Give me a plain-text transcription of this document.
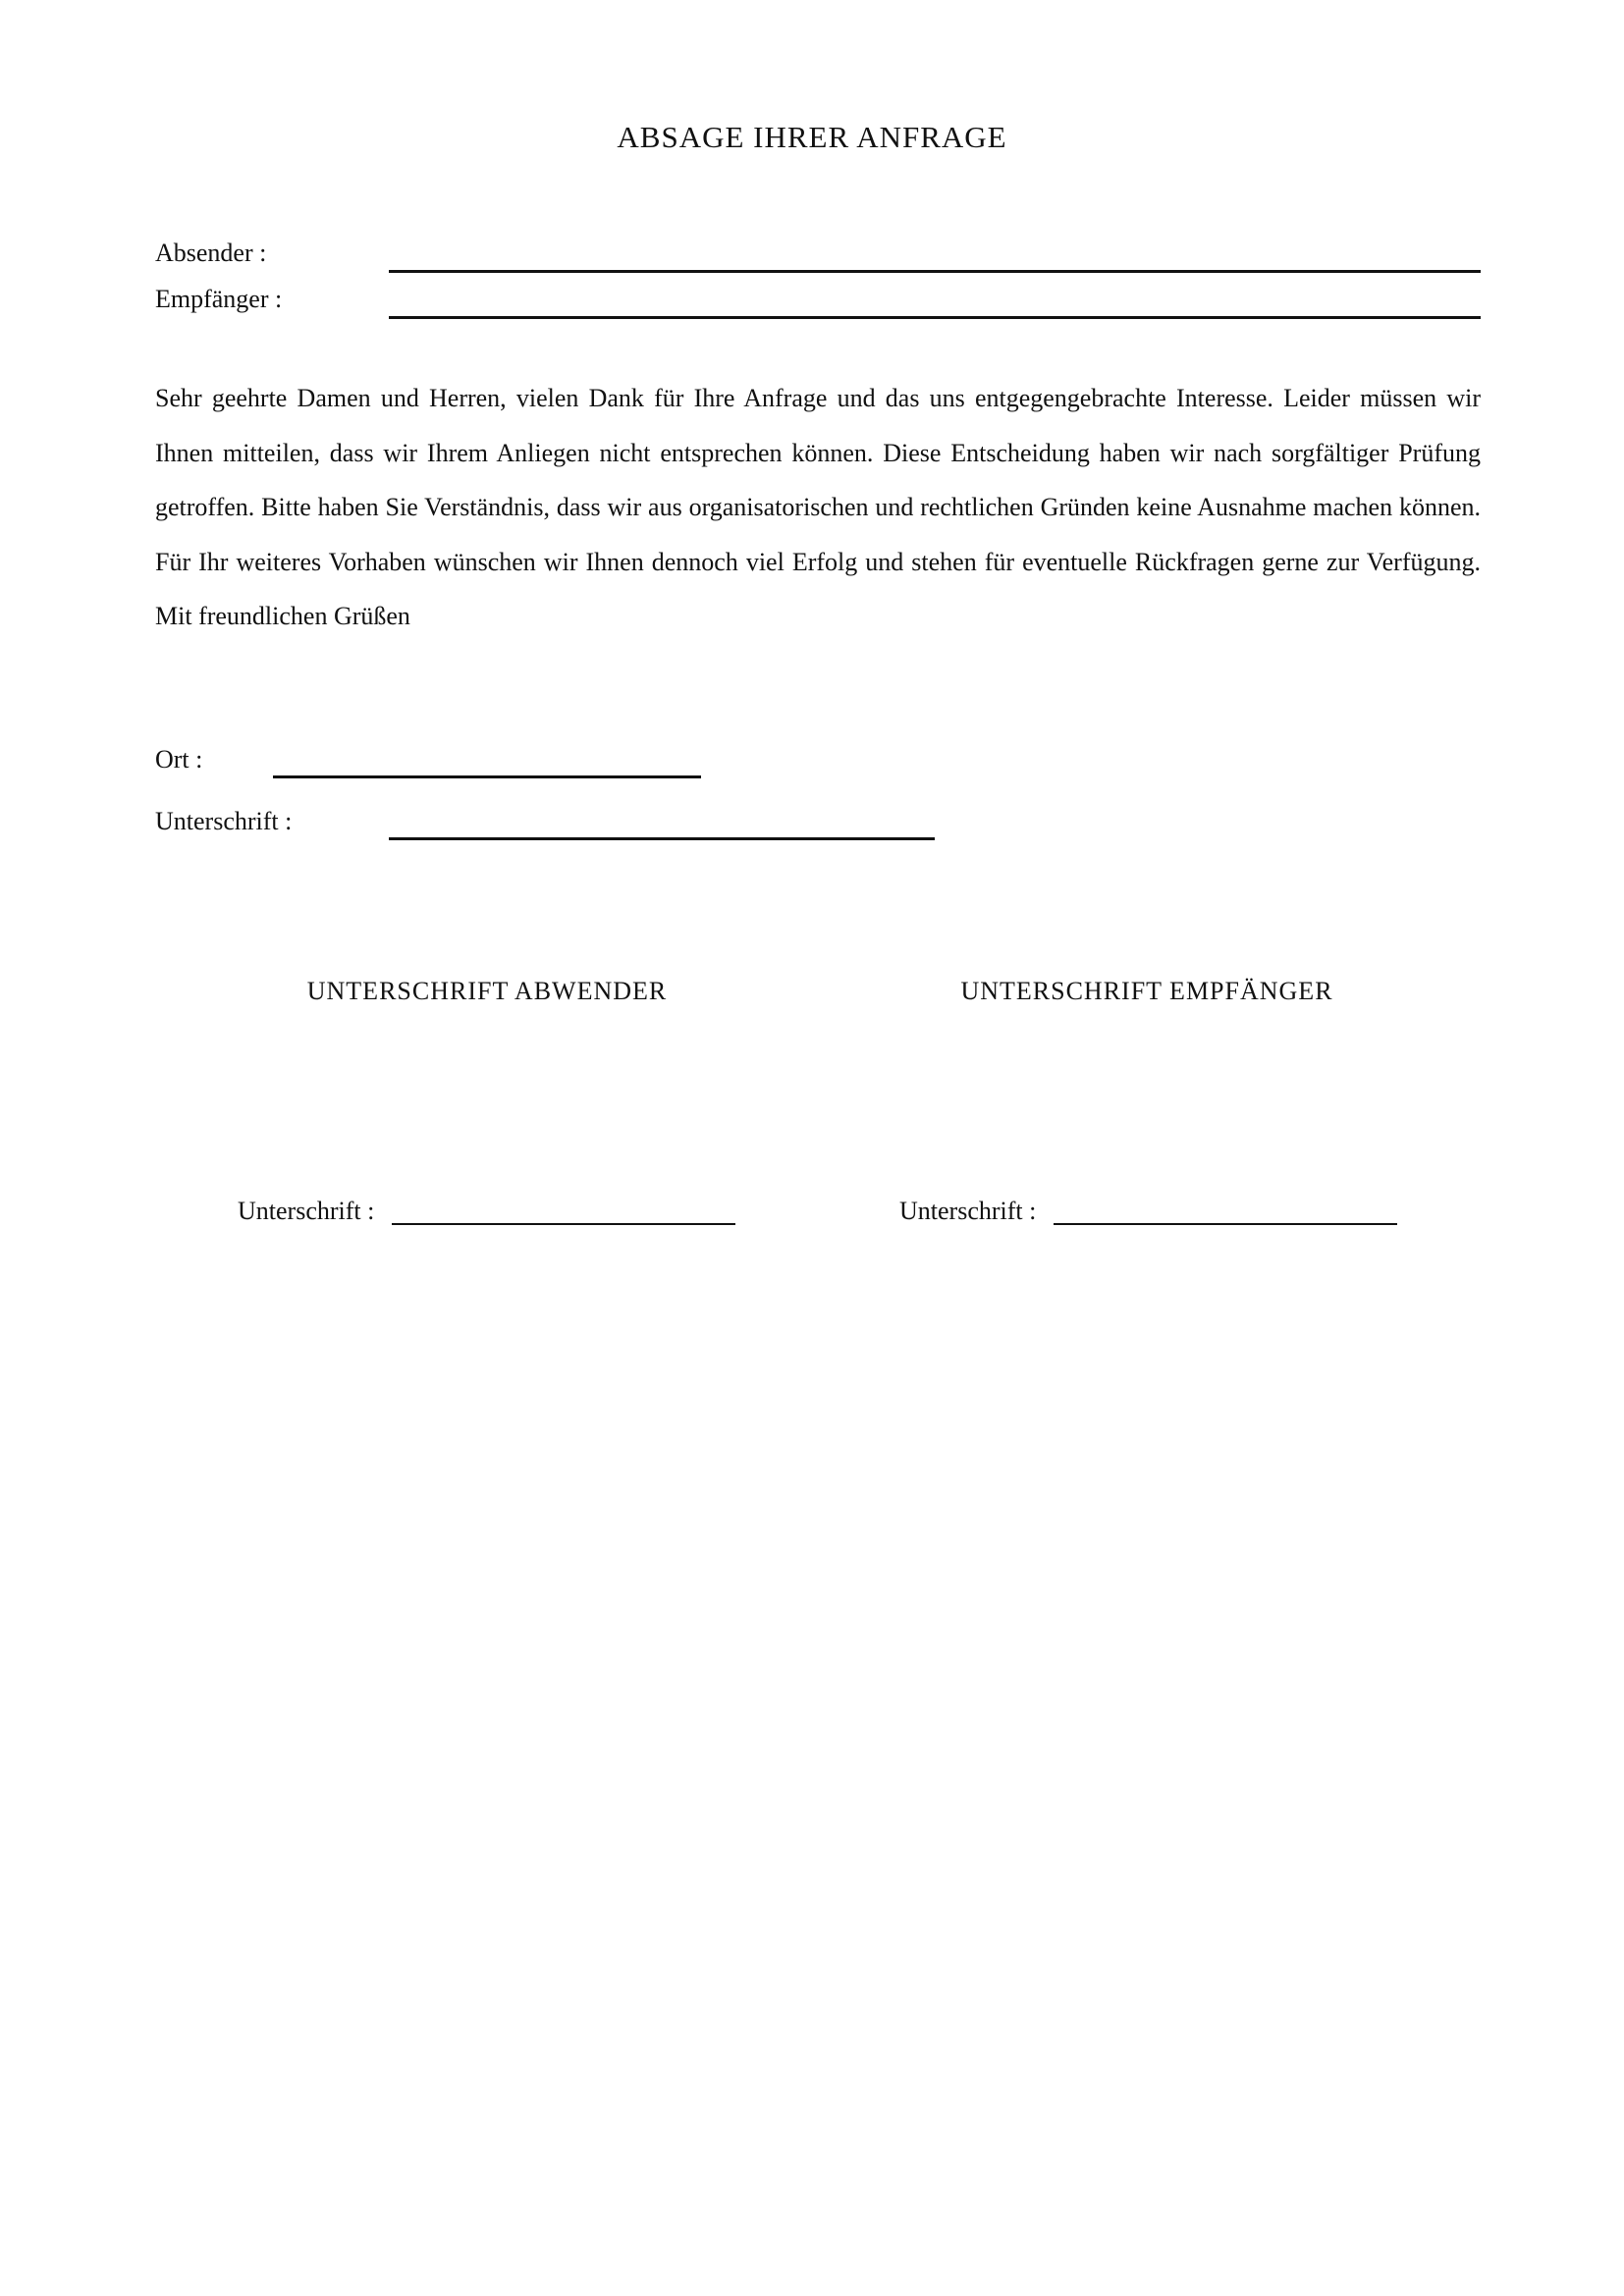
ABSAGE IHRER ANFRAGE
Absender :
Empfänger :
Sehr geehrte Damen und Herren, vielen Dank für Ihre Anfrage und das uns entgegengebrachte Interesse. Leider müssen wir Ihnen mitteilen, dass wir Ihrem Anliegen nicht entsprechen können. Diese Entscheidung haben wir nach sorgfältiger Prüfung getroffen. Bitte haben Sie Verständnis, dass wir aus organisatorischen und rechtlichen Gründen keine Ausnahme machen können. Für Ihr weiteres Vorhaben wünschen wir Ihnen dennoch viel Erfolg und stehen für eventuelle Rückfragen gerne zur Verfügung. Mit freundlichen Grüßen
Ort :
Unterschrift :
UNTERSCHRIFT ABWENDER	UNTERSCHRIFT EMPFÄNGER
Unterschrift :	Unterschrift :
